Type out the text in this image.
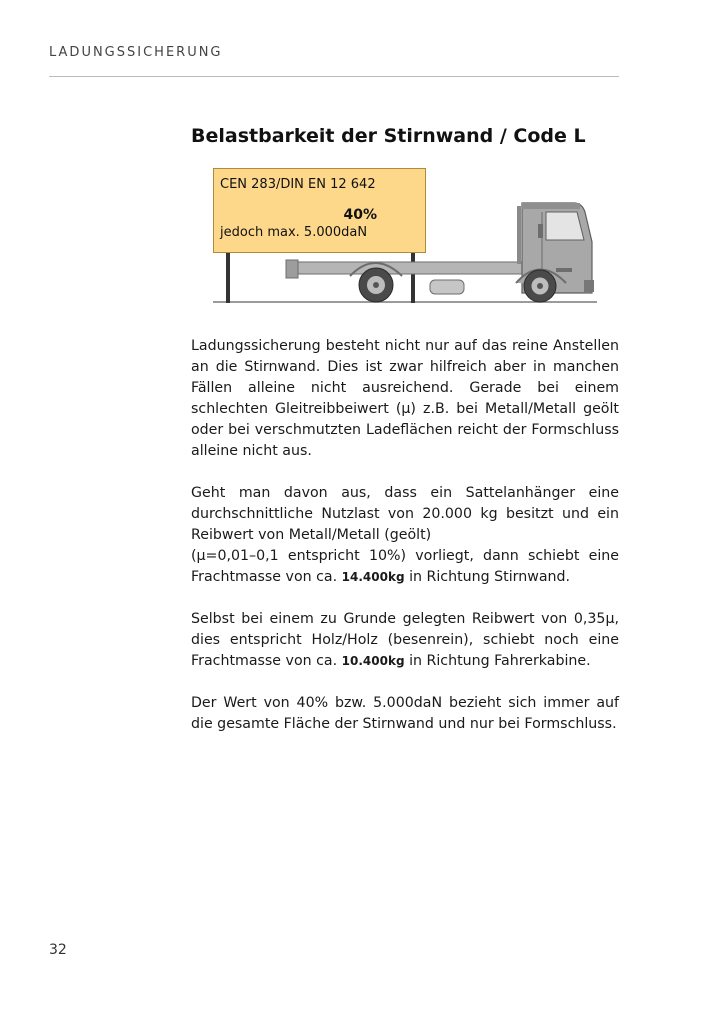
LADUNGSSICHERUNG
Belastbarkeit der Stirnwand / Code L
CEN 283/DIN EN 12 642
40%
jedoch max. 5.000daN

Ladungssicherung besteht nicht nur auf das reine Anstellen an die Stirnwand. Dies ist zwar hilfreich aber in manchen Fällen alleine nicht ausreichend. Gerade bei einem schlechten Gleitreibbeiwert (μ) z.B. bei Metall/Metall geölt oder bei verschmutzten Ladeflächen reicht der Formschluss alleine nicht aus.

Geht man davon aus, dass ein Sattelanhänger eine durchschnittliche Nutzlast von 20.000 kg besitzt und ein Reibwert von Metall/Metall (geölt)
(μ=0,01–0,1 entspricht 10%) vorliegt, dann schiebt eine Frachtmasse von ca. 14.400kg in Richtung Stirnwand.

Selbst bei einem zu Grunde gelegten Reibwert von 0,35μ, dies entspricht Holz/Holz (besenrein), schiebt noch eine Frachtmasse von ca. 10.400kg in Richtung Fahrerkabine.

Der Wert von 40% bzw. 5.000daN bezieht sich immer auf die gesamte Fläche der Stirnwand und nur bei Formschluss.

32
